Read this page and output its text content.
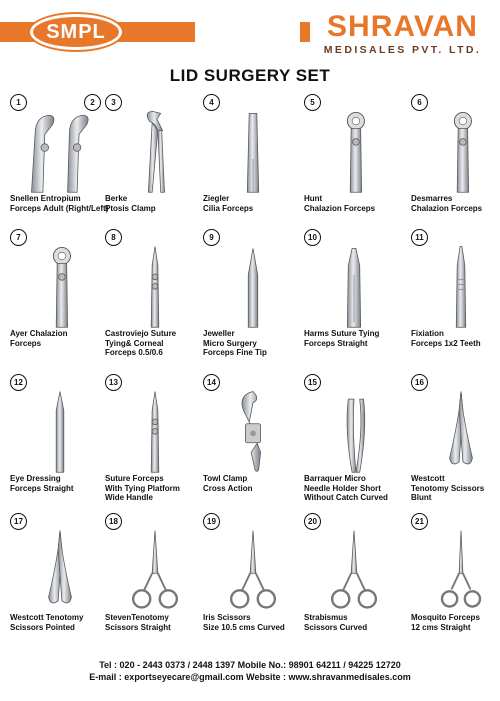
SMPL	SHRAVAN
MEDISALES PVT. LTD.
LID SURGERY SET
1	2
Snellen Entropium
Forceps Adult (Right/Left)
3
Berke
Ptosis Clamp
4
Ziegler
Cilia Forceps
5
Hunt
Chalazion Forceps
6
Desmarres
Chalazion Forceps
7
Ayer Chalazion
Forceps
8
Castroviejo Suture
Tying& Corneal
Forceps 0.5/0.6
9
Jeweller
Micro Surgery
Forceps Fine Tip
10
Harms Suture Tying
Forceps Straight
11
Fixiation
Forceps 1x2 Teeth
12
Eye Dressing
Forceps Straight
13
Suture Forceps
With Tying Platform
Wide Handle
14
Towl Clamp
Cross Action
15
Barraquer Micro
Needle Holder Short
Without Catch Curved
16
Westcott
Tenotomy Scissors
Blunt
17
Westcott Tenotomy
Scissors Pointed
18
StevenTenotomy
Scissors Straight
19
Iris Scissors
Size 10.5 cms Curved
20
Strabismus
Scissors Curved
21
Mosquito Forceps
12 cms Straight
Tel : 020 - 2443 0373 / 2448 1397 Mobile No.: 98901 64211 / 94225 12720
E-mail : exportseyecare@gmail.com Website : www.shravanmedisales.com
